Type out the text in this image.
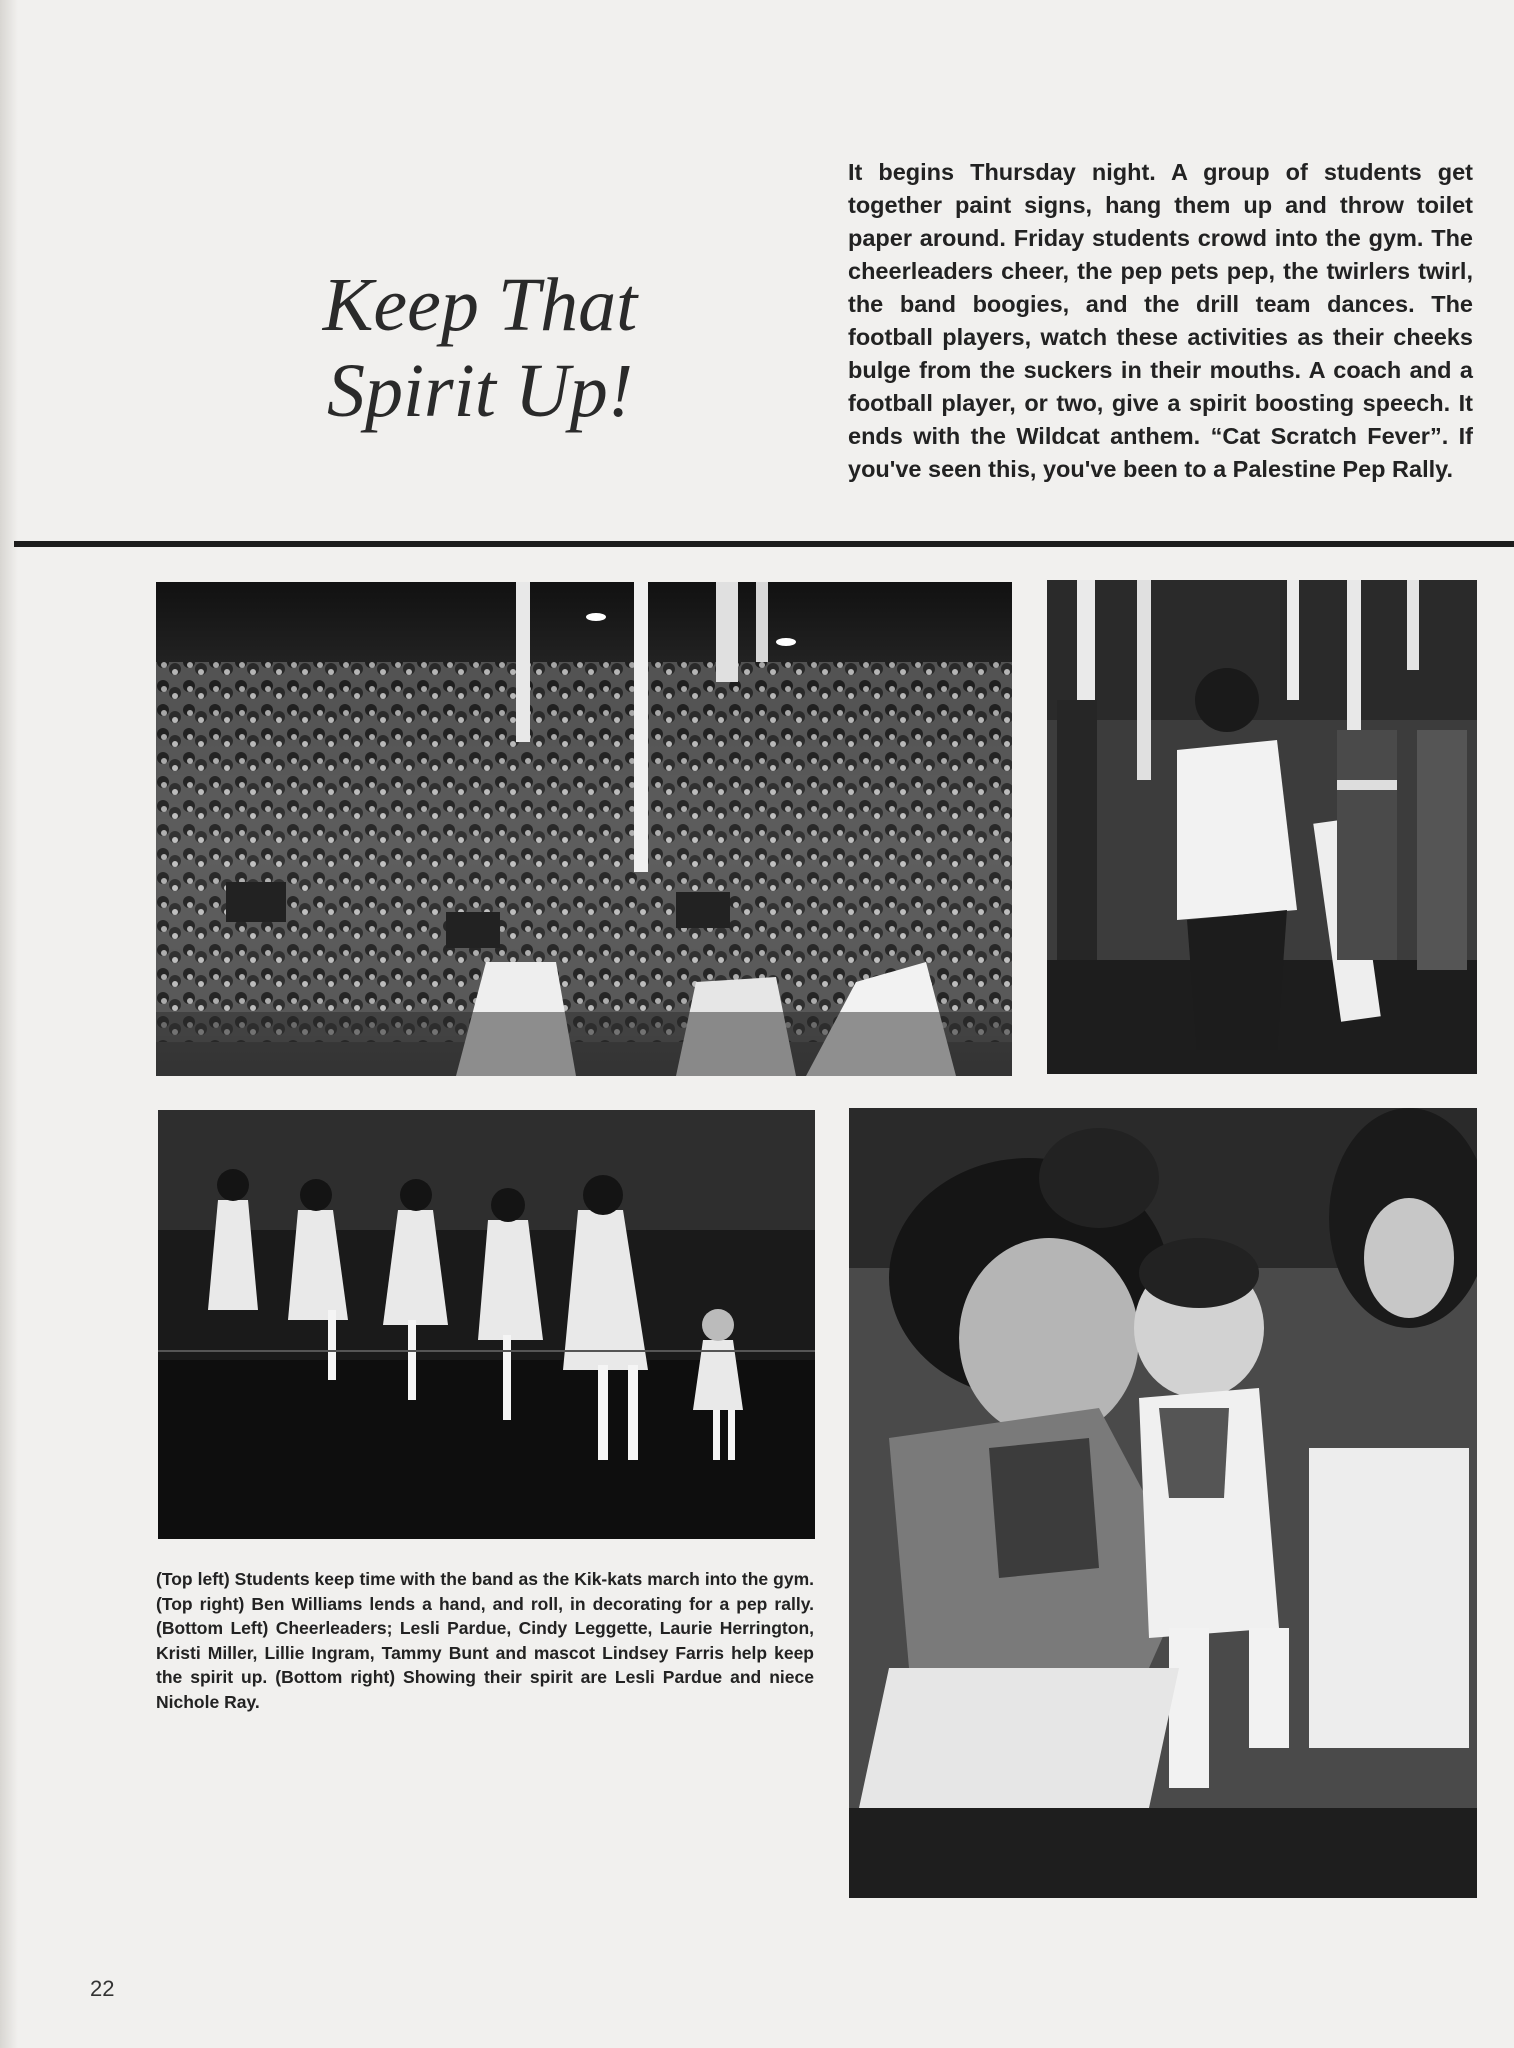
Keep That
Spirit Up!

It begins Thursday night. A group of students get together paint signs, hang them up and throw toilet paper around. Friday students crowd into the gym. The cheerleaders cheer, the pep pets pep, the twirlers twirl, the band boogies, and the drill team dances. The football players, watch these activities as their cheeks bulge from the suckers in their mouths. A coach and a football player, or two, give a spirit boosting speech. It ends with the Wildcat anthem. “Cat Scratch Fever”. If you've seen this, you've been to a Palestine Pep Rally.

(Top left) Students keep time with the band as the Kik-kats march into the gym. (Top right) Ben Williams lends a hand, and roll, in decorating for a pep rally. (Bottom Left) Cheerleaders; Lesli Pardue, Cindy Leggette, Laurie Herrington, Kristi Miller, Lillie Ingram, Tammy Bunt and mascot Lindsey Farris help keep the spirit up. (Bottom right) Showing their spirit are Lesli Pardue and niece Nichole Ray.

22
